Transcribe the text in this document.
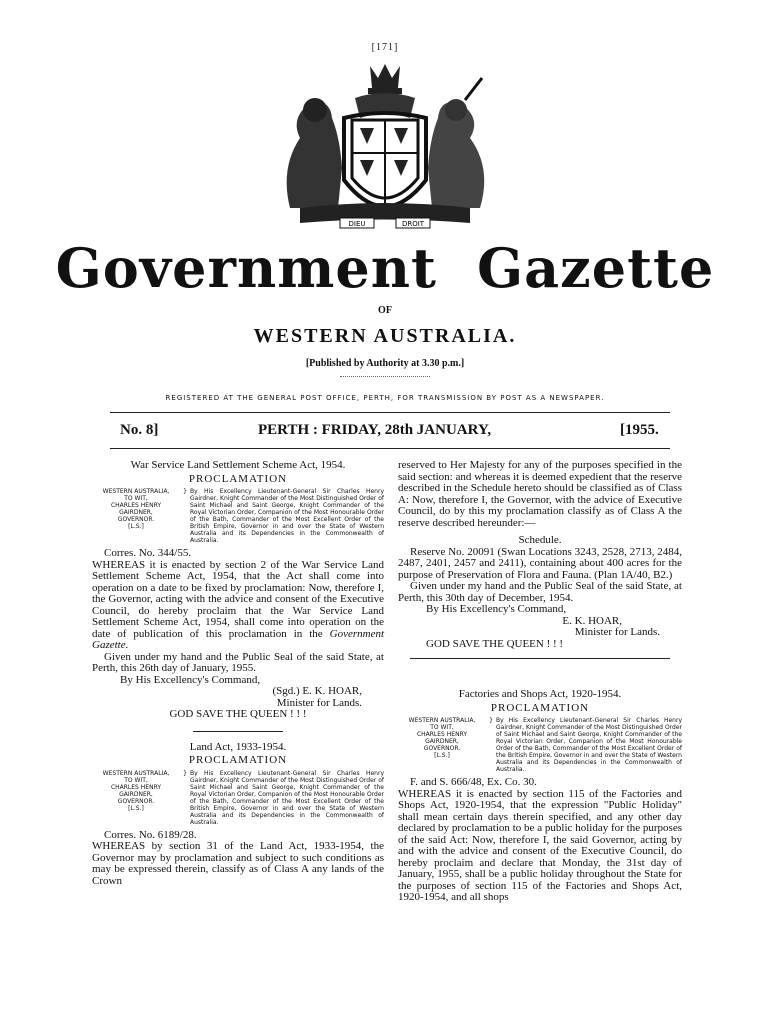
[171]
DIEU	DROIT
Government Gazette
OF
WESTERN AUSTRALIA.
[Published by Authority at 3.30 p.m.]
REGISTERED AT THE GENERAL POST OFFICE, PERTH, FOR TRANSMISSION BY POST AS A NEWSPAPER.
No. 8]	PERTH : FRIDAY, 28th JANUARY,	[1955.
War Service Land Settlement Scheme Act, 1954.
PROCLAMATION
WESTERN AUSTRALIA,
TO WIT,
CHARLES HENRY
GAIRDNER,
GOVERNOR.
[L.S.]
} By His Excellency Lieutenant-General Sir Charles Henry Gairdner, Knight Commander of the Most Distinguished Order of Saint Michael and Saint George, Knight Commander of the Royal Victorian Order, Companion of the Most Honourable Order of the Bath, Commander of the Most Excellent Order of the British Empire, Governor in and over the State of Western Australia and its Dependencies in the Commonwealth of Australia.

Corres. No. 344/55.

WHEREAS it is enacted by section 2 of the War Service Land Settlement Scheme Act, 1954, that the Act shall come into operation on a date to be fixed by proclamation: Now, therefore I, the Governor, acting with the advice and consent of the Executive Council, do hereby proclaim that the War Service Land Settlement Scheme Act, 1954, shall come into operation on the date of publication of this proclamation in the Government Gazette.

Given under my hand and the Public Seal of the said State, at Perth, this 26th day of January, 1955.

By His Excellency's Command,

(Sgd.) E. K. HOAR,

Minister for Lands.

GOD SAVE THE QUEEN ! ! !

Land Act, 1933-1954.
PROCLAMATION
WESTERN AUSTRALIA,
TO WIT,
CHARLES HENRY
GAIRDNER,
GOVERNOR.
[L.S.]
} By His Excellency Lieutenant-General Sir Charles Henry Gairdner, Knight Commander of the Most Distinguished Order of Saint Michael and Saint George, Knight Commander of the Royal Victorian Order, Companion of the Most Honourable Order of the Bath, Commander of the Most Excellent Order of the British Empire, Governor in and over the State of Western Australia and its Dependencies in the Commonwealth of Australia.

Corres. No. 6189/28.

WHEREAS by section 31 of the Land Act, 1933-1954, the Governor may by proclamation and subject to such conditions as may be expressed therein, classify as of Class A any lands of the Crown

reserved to Her Majesty for any of the purposes specified in the said section: and whereas it is deemed expedient that the reserve described in the Schedule hereto should be classified as of Class A: Now, therefore I, the Governor, with the advice of Executive Council, do by this my proclamation classify as of Class A the reserve described hereunder:—

Schedule.

Reserve No. 20091 (Swan Locations 3243, 2528, 2713, 2484, 2487, 2401, 2457 and 2411), containing about 400 acres for the purpose of Preservation of Flora and Fauna. (Plan 1A/40, B2.)

Given under my hand and the Public Seal of the said State, at Perth, this 30th day of December, 1954.

By His Excellency's Command,

E. K. HOAR,

Minister for Lands.

GOD SAVE THE QUEEN ! ! !

Factories and Shops Act, 1920-1954.
PROCLAMATION
WESTERN AUSTRALIA,
TO WIT,
CHARLES HENRY
GAIRDNER,
GOVERNOR.
[L.S.]
} By His Excellency Lieutenant-General Sir Charles Henry Gairdner, Knight Commander of the Most Distinguished Order of Saint Michael and Saint George, Knight Commander of the Royal Victorian Order, Companion of the Most Honourable Order of the Bath, Commander of the Most Excellent Order of the British Empire, Governor in and over the State of Western Australia and its Dependencies in the Commonwealth of Australia.

F. and S. 666/48, Ex. Co. 30.

WHEREAS it is enacted by section 115 of the Factories and Shops Act, 1920-1954, that the expression "Public Holiday" shall mean certain days therein specified, and any other day declared by proclamation to be a public holiday for the purposes of the said Act: Now, therefore I, the said Governor, acting by and with the advice and consent of the Executive Council, do hereby proclaim and declare that Monday, the 31st day of January, 1955, shall be a public holiday throughout the State for the purposes of section 115 of the Factories and Shops Act, 1920-1954, and all shops
